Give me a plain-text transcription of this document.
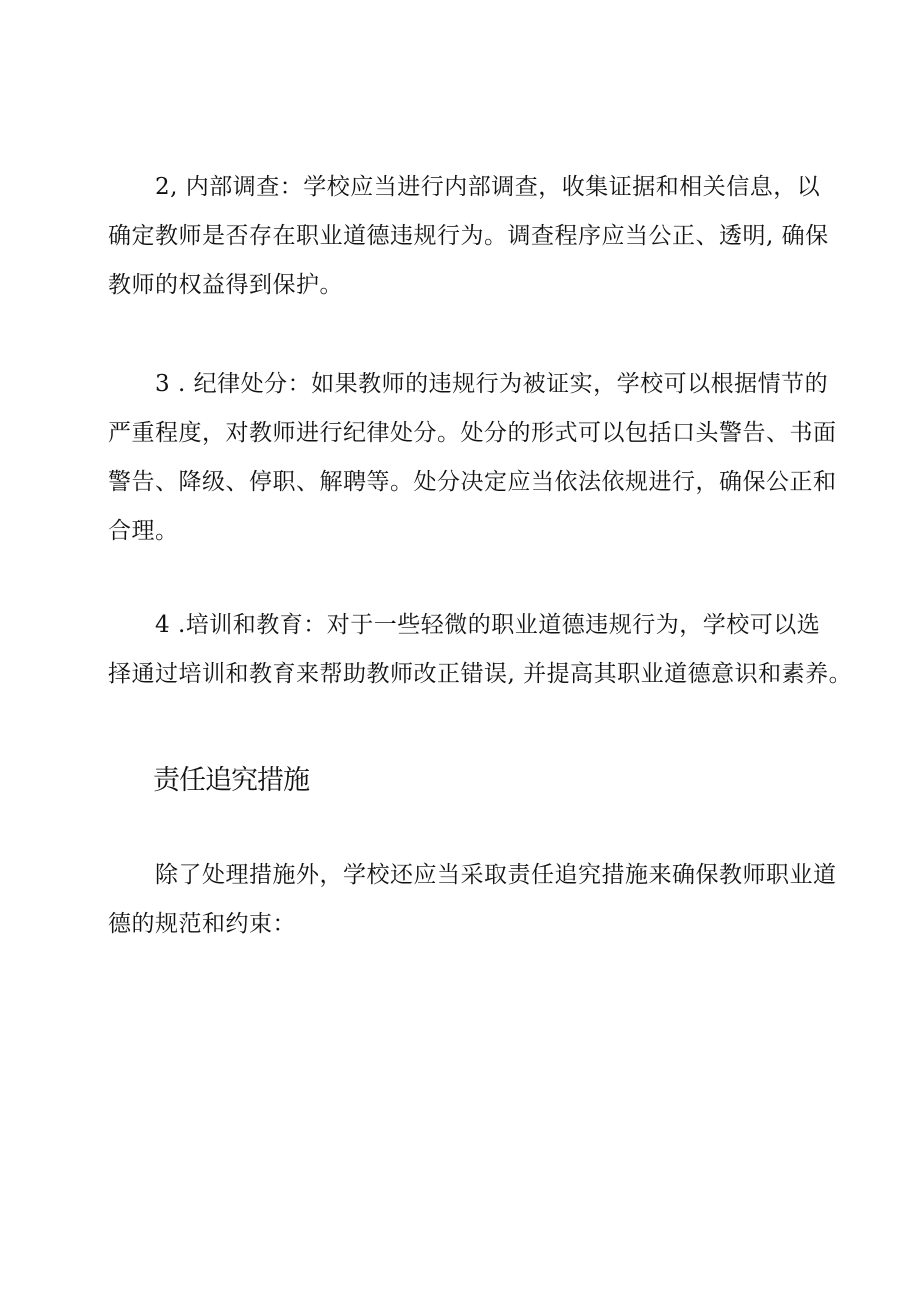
2, 内部调查：学校应当进行内部调查，收集证据和相关信息，以
确定教师是否存在职业道德违规行为。调查程序应当公正、透明, 确保
教师的权益得到保护。

3 . 纪律处分：如果教师的违规行为被证实，学校可以根据情节的
严重程度，对教师进行纪律处分。处分的形式可以包括口头警告、书面
警告、降级、停职、解聘等。处分决定应当依法依规进行，确保公正和
合理。

4 .培训和教育：对于一些轻微的职业道德违规行为，学校可以选
择通过培训和教育来帮助教师改正错误, 并提高其职业道德意识和素养。

责任追究措施

除了处理措施外，学校还应当采取责任追究措施来确保教师职业道
德的规范和约束：
